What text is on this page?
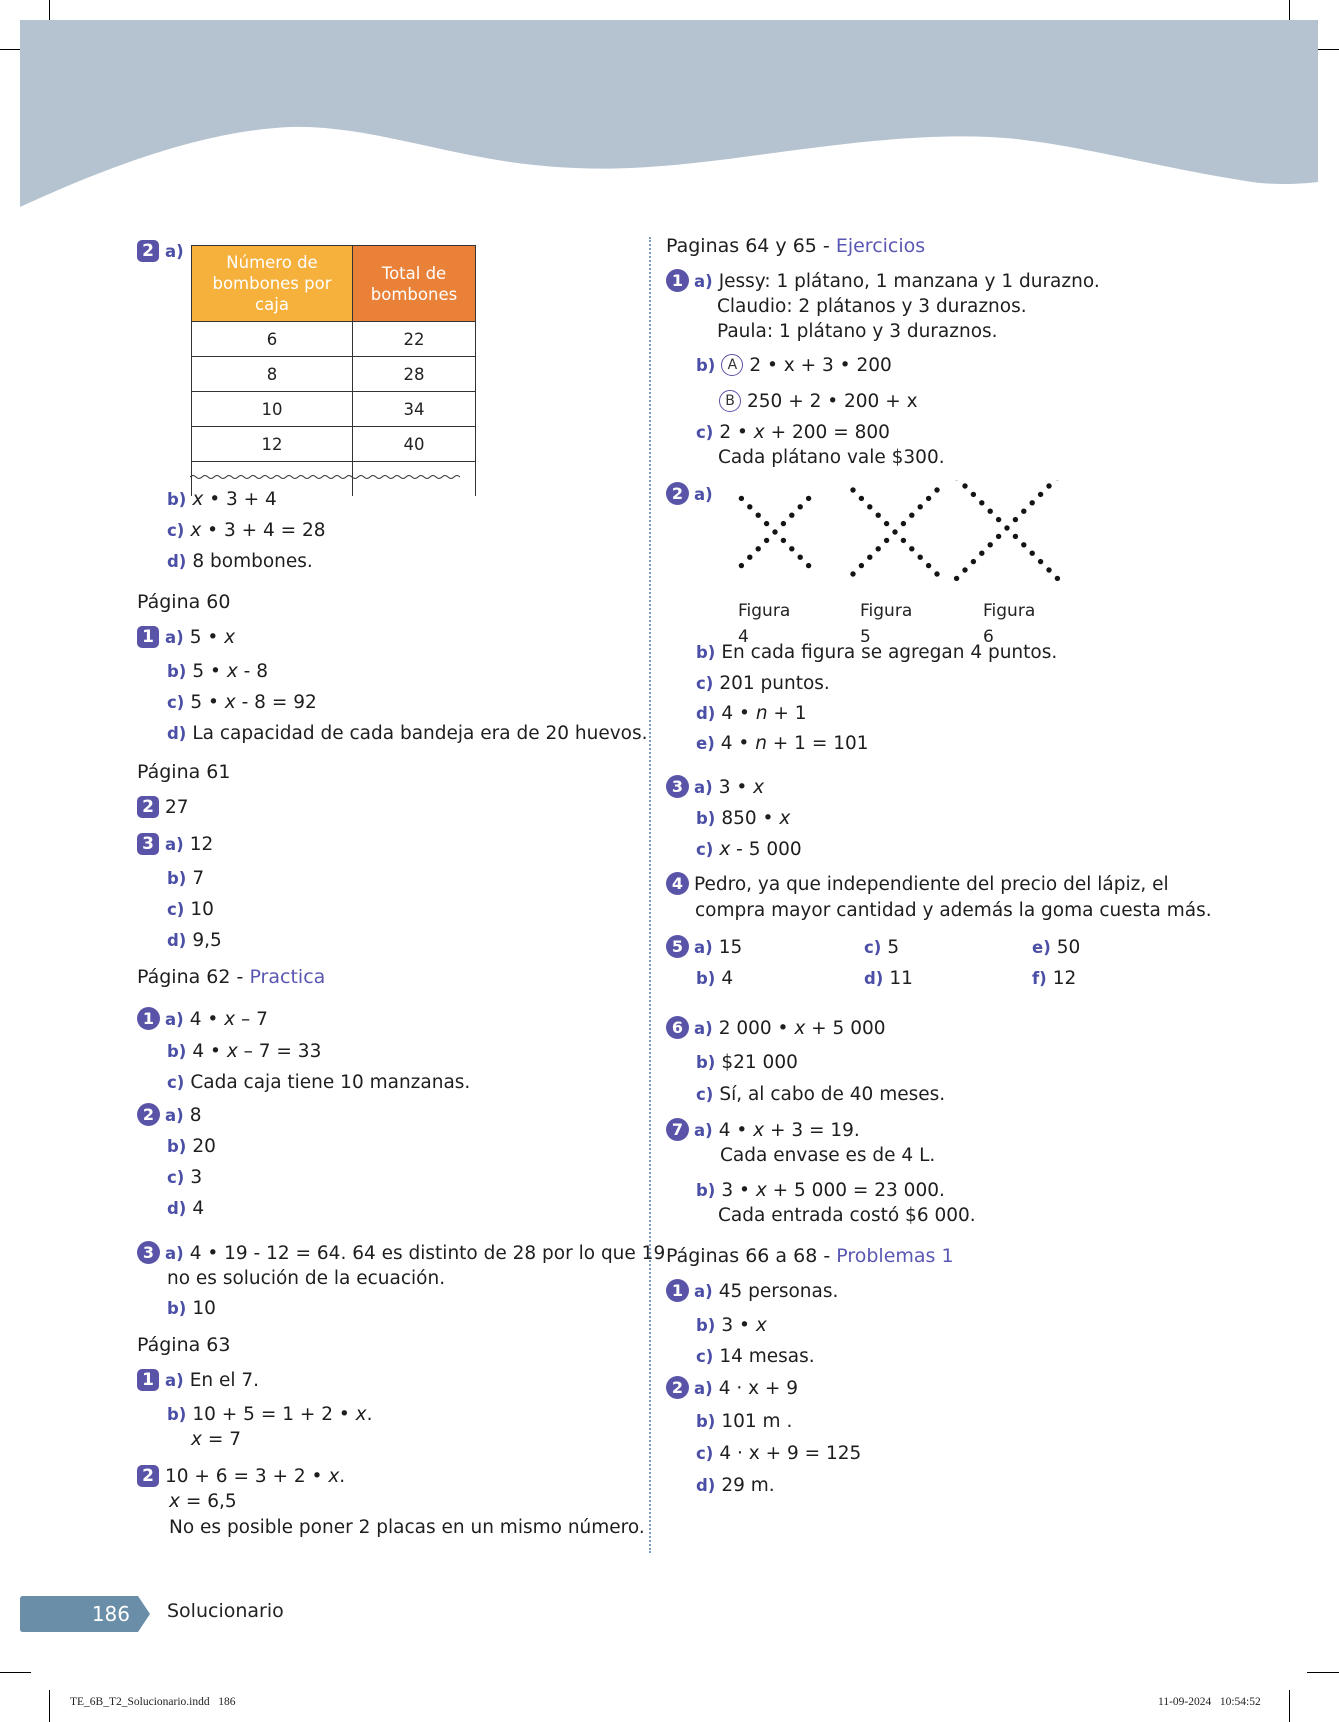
2 a)
Número de bombones por caja	Total de bombones
6	22
8	28
10	34
12	40

b) x • 3 + 4
c) x • 3 + 4 = 28
d) 8 bombones.
Página 60
1 a) 5 • x
b) 5 • x - 8
c) 5 • x - 8 = 92
d) La capacidad de cada bandeja era de 20 huevos.
Página 61
2 27
3 a) 12
b) 7
c) 10
d) 9,5
Página 62 - Practica
1 a) 4 • x – 7
b) 4 • x – 7 = 33
c) Cada caja tiene 10 manzanas.
2 a) 8
b) 20
c) 3
d) 4
3 a) 4 • 19 - 12 = 64. 64 es distinto de 28 por lo que 19
no es solución de la ecuación.
b) 10
Página 63
1 a) En el 7.
b) 10 + 5 = 1 + 2 • x.
x = 7
2 10 + 6 = 3 + 2 • x.
x = 6,5
No es posible poner 2 placas en un mismo número.
Paginas 64 y 65 - Ejercicios
1 a) Jessy: 1 plátano, 1 manzana y 1 durazno.
Claudio: 2 plátanos y 3 duraznos.
Paula: 1 plátano y 3 duraznos.
b) A 2 • x + 3 • 200
B 250 + 2 • 200 + x
c) 2 • x + 200 = 800
Cada plátano vale $300.
2 a)
Figura 4
Figura 5
Figura 6
b) En cada figura se agregan 4 puntos.
c) 201 puntos.
d) 4 • n + 1
e) 4 • n + 1 = 101
3 a) 3 • x
b) 850 • x
c) x - 5 000
4 Pedro, ya que independiente del precio del lápiz, el
compra mayor cantidad y además la goma cuesta más.
5 a) 15	c) 5	e) 50
b) 4	d) 11	f) 12
6 a) 2 000 • x + 5 000
b) $21 000
c) Sí, al cabo de 40 meses.
7 a) 4 • x + 3 = 19.
Cada envase es de 4 L.
b) 3 • x + 5 000 = 23 000.
Cada entrada costó $6 000.
Páginas 66 a 68 - Problemas 1
1 a) 45 personas.
b) 3 • x
c) 14 mesas.
2 a) 4 · x + 9
b) 101 m .
c) 4 · x + 9 = 125
d) 29 m.
186 Solucionario
TE_6B_T2_Solucionario.indd   186	11-09-2024   10:54:52
